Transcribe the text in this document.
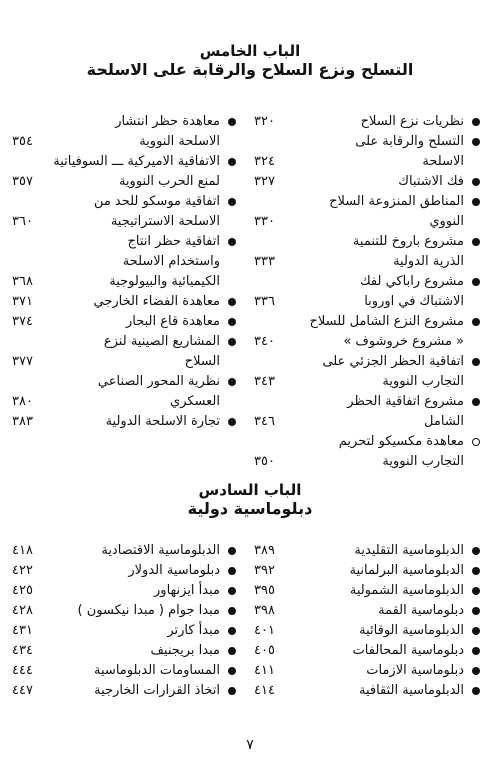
الباب الخامس
التسلح ونزع السلاح والرقابة على الاسلحة
نظريات نزع السلاح
٣٢٠
التسلح والرقابة على
الاسلحة
٣٢٤
فك الاشتباك
٣٢٧
المناطق المنزوعة السلاح
النووي
٣٣٠
مشروع باروخ للتنمية
الذرية الدولية
٣٣٣
مشروع راباكي لفك
الاشتباك في اوروبا
٣٣٦
مشروع النزع الشامل للسلاح
« مشروع خروشوف »
٣٤٠
اتفاقية الحظر الجزئي على
التجارب النووية
٣٤٣
مشروع اتفاقية الحظر
الشامل
٣٤٦
معاهدة مكسيكو لتحريم
التجارب النووية
٣٥٠
معاهدة حظر انتشار
الاسلحة النووية
٣٥٤
الاتفاقية الاميركية ـــ السوفياتية
لمنع الحرب النووية
٣٥٧
اتفاقية موسكو للحد من
الاسلحة الاستراتيجية
٣٦٠
اتفاقية حظر انتاج
واستخدام الاسلحة
الكيميائية والبيولوجية
٣٦٨
معاهدة الفضاء الخارجي
٣٧١
معاهدة قاع البحار
٣٧٤
المشاريع الصينية لنزع
السلاح
٣٧٧
نظرية المحور الصناعي
العسكري
٣٨٠
تجارة الاسلحة الدولية
٣٨٣
الباب السادس
دبلوماسية دولية
الدبلوماسية التقليدية
٣٨٩
الدبلوماسية البرلمانية
٣٩٢
الدبلوماسية الشمولية
٣٩٥
دبلوماسية القمة
٣٩٨
الدبلوماسية الوقائية
٤٠١
دبلوماسية المحالفات
٤٠٥
دبلوماسية الازمات
٤١١
الدبلوماسية الثقافية
٤١٤
الدبلوماسية الاقتصادية
٤١٨
دبلوماسية الدولار
٤٢٢
مبدأ ايزنهاور
٤٢٥
مبدا جوام ( مبدا نيكسون )
٤٢٨
مبدأ كارتر
٤٣١
مبدا بريجنيف
٤٣٤
المساومات الدبلوماسية
٤٤٤
اتخاذ القرارات الخارجية
٤٤٧
٧
